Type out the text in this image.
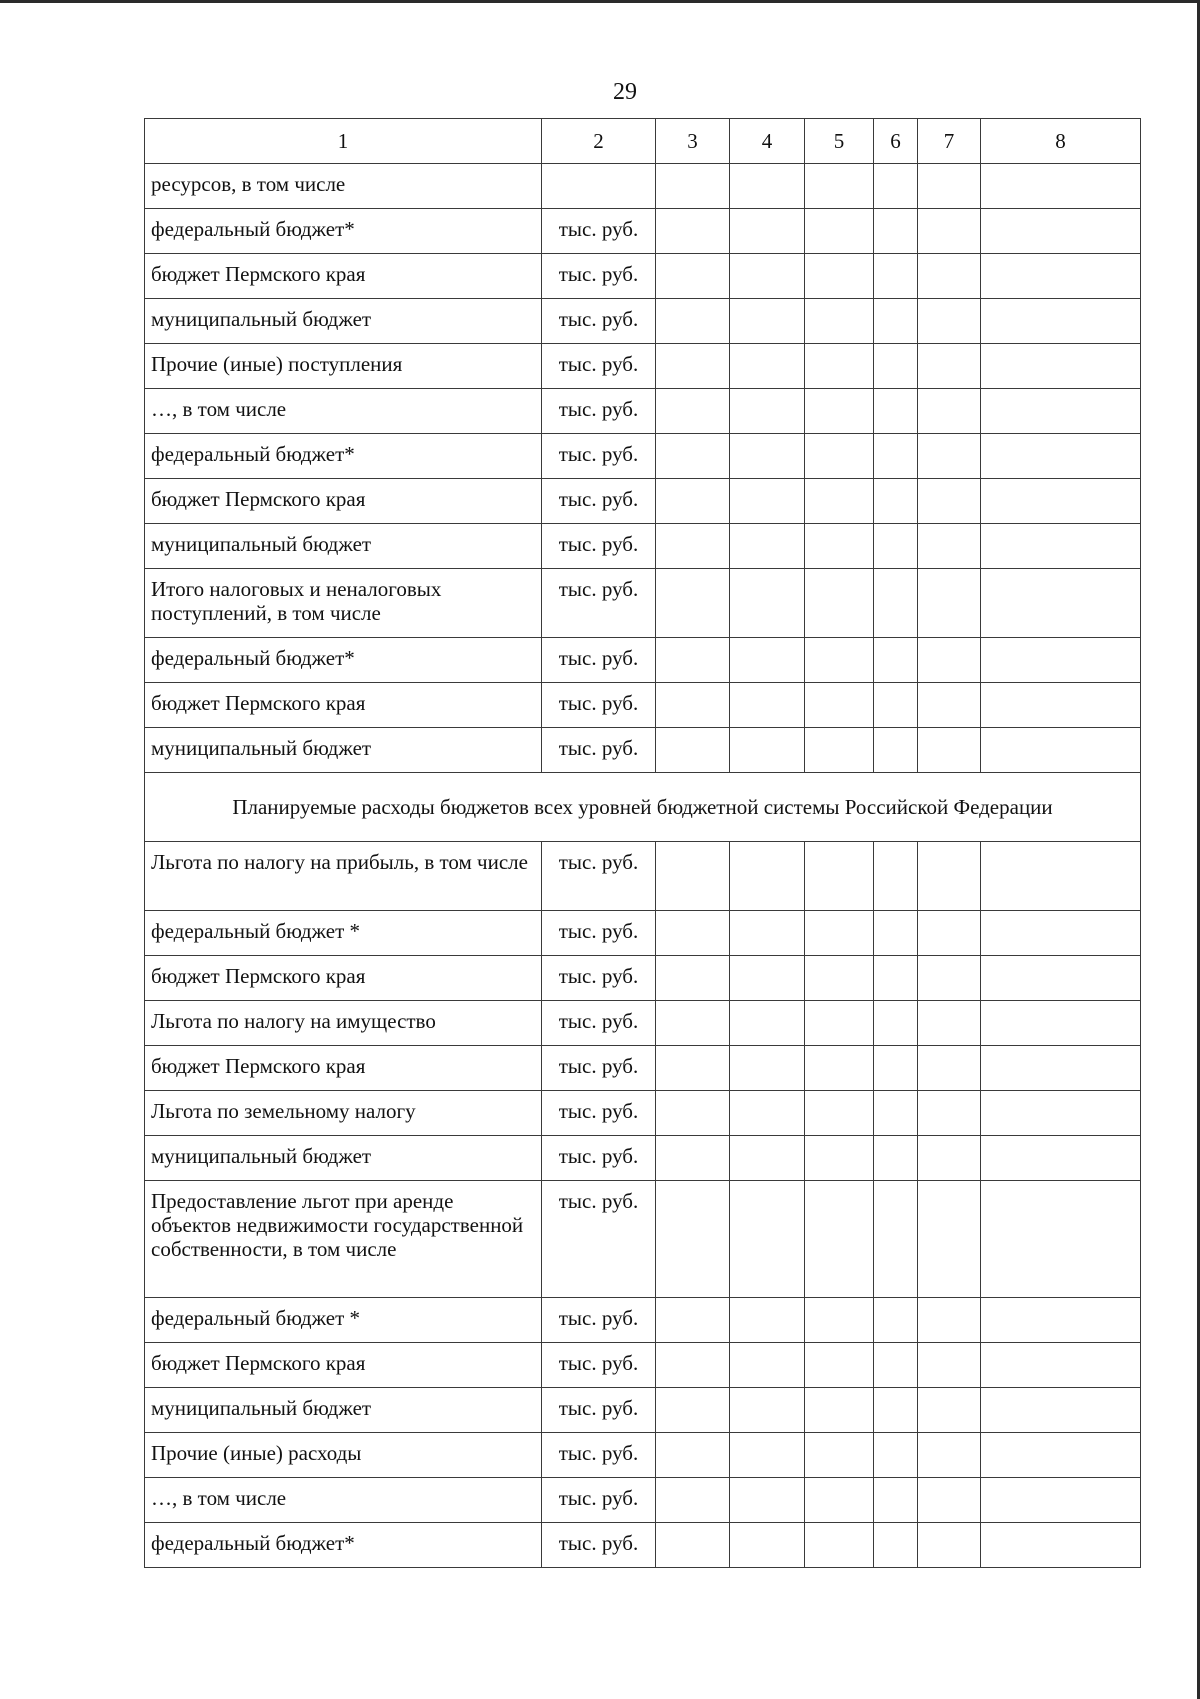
29
1	2	3	4	5	6	7	8
ресурсов, в том числе							
федеральный бюджет*	тыс. руб.						
бюджет Пермского края	тыс. руб.						
муниципальный бюджет	тыс. руб.						
Прочие (иные) поступления	тыс. руб.						
…, в том числе	тыс. руб.						
федеральный бюджет*	тыс. руб.						
бюджет Пермского края	тыс. руб.						
муниципальный бюджет	тыс. руб.						
Итого налоговых и неналоговых поступлений, в том числе	тыс. руб.						
федеральный бюджет*	тыс. руб.						
бюджет Пермского края	тыс. руб.						
муниципальный бюджет	тыс. руб.						
Планируемые расходы бюджетов всех уровней бюджетной системы Российской Федерации							
Льгота по налогу на прибыль, в том числе	тыс. руб.						
федеральный бюджет *	тыс. руб.						
бюджет Пермского края	тыс. руб.						
Льгота по налогу на имущество	тыс. руб.						
бюджет Пермского края	тыс. руб.						
Льгота по земельному налогу	тыс. руб.						
муниципальный бюджет	тыс. руб.						
Предоставление льгот при аренде объектов недвижимости государственной собственности, в том числе	тыс. руб.						
федеральный бюджет *	тыс. руб.						
бюджет Пермского края	тыс. руб.						
муниципальный бюджет	тыс. руб.						
Прочие (иные) расходы	тыс. руб.						
…, в том числе	тыс. руб.						
федеральный бюджет*	тыс. руб.						
